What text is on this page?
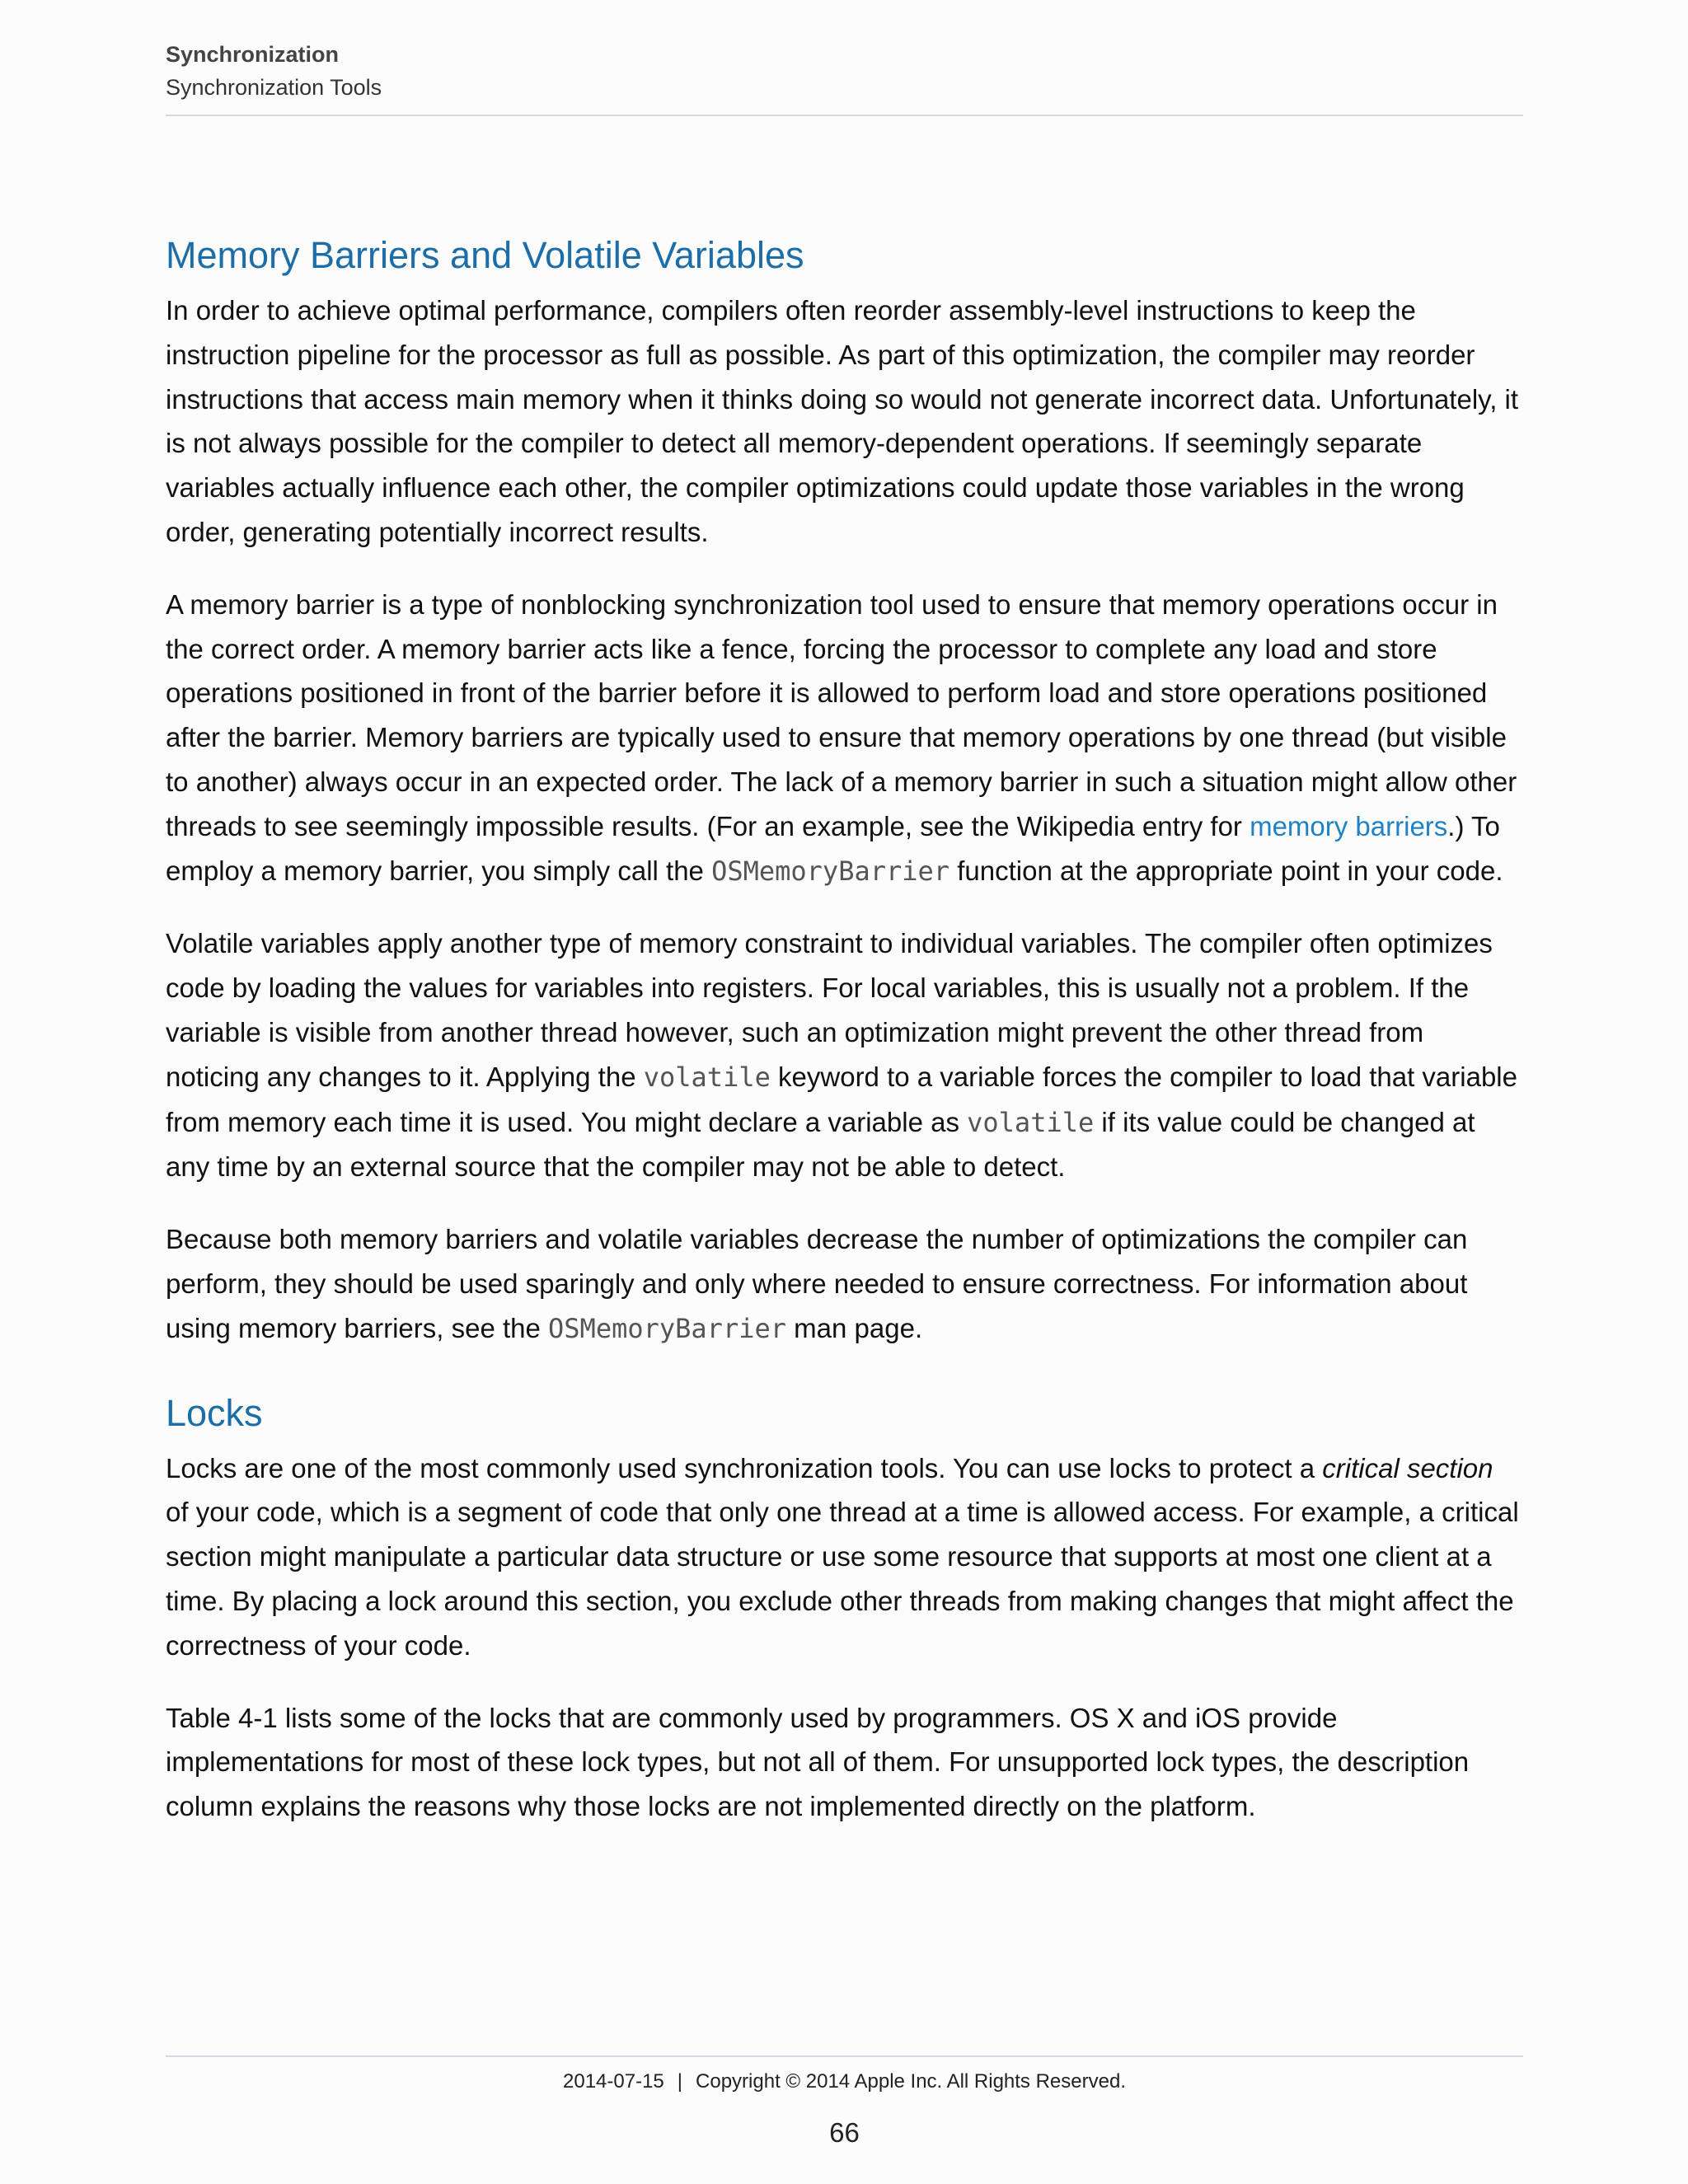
Synchronization
Synchronization Tools
Memory Barriers and Volatile Variables

In order to achieve optimal performance, compilers often reorder assembly-level instructions to keep the instruction pipeline for the processor as full as possible. As part of this optimization, the compiler may reorder instructions that access main memory when it thinks doing so would not generate incorrect data. Unfortunately, it is not always possible for the compiler to detect all memory-dependent operations. If seemingly separate variables actually influence each other, the compiler optimizations could update those variables in the wrong order, generating potentially incorrect results.

A memory barrier is a type of nonblocking synchronization tool used to ensure that memory operations occur in the correct order. A memory barrier acts like a fence, forcing the processor to complete any load and store operations positioned in front of the barrier before it is allowed to perform load and store operations positioned after the barrier. Memory barriers are typically used to ensure that memory operations by one thread (but visible to another) always occur in an expected order. The lack of a memory barrier in such a situation might allow other threads to see seemingly impossible results. (For an example, see the Wikipedia entry for memory barriers.) To employ a memory barrier, you simply call the OSMemoryBarrier function at the appropriate point in your code.

Volatile variables apply another type of memory constraint to individual variables. The compiler often optimizes code by loading the values for variables into registers. For local variables, this is usually not a problem. If the variable is visible from another thread however, such an optimization might prevent the other thread from noticing any changes to it. Applying the volatile keyword to a variable forces the compiler to load that variable from memory each time it is used. You might declare a variable as volatile if its value could be changed at any time by an external source that the compiler may not be able to detect.

Because both memory barriers and volatile variables decrease the number of optimizations the compiler can perform, they should be used sparingly and only where needed to ensure correctness. For information about using memory barriers, see the OSMemoryBarrier man page.

Locks

Locks are one of the most commonly used synchronization tools. You can use locks to protect a critical section of your code, which is a segment of code that only one thread at a time is allowed access. For example, a critical section might manipulate a particular data structure or use some resource that supports at most one client at a time. By placing a lock around this section, you exclude other threads from making changes that might affect the correctness of your code.

Table 4-1 lists some of the locks that are commonly used by programmers. OS X and iOS provide implementations for most of these lock types, but not all of them. For unsupported lock types, the description column explains the reasons why those locks are not implemented directly on the platform.

2014-07-15 | Copyright © 2014 Apple Inc. All Rights Reserved.
66
